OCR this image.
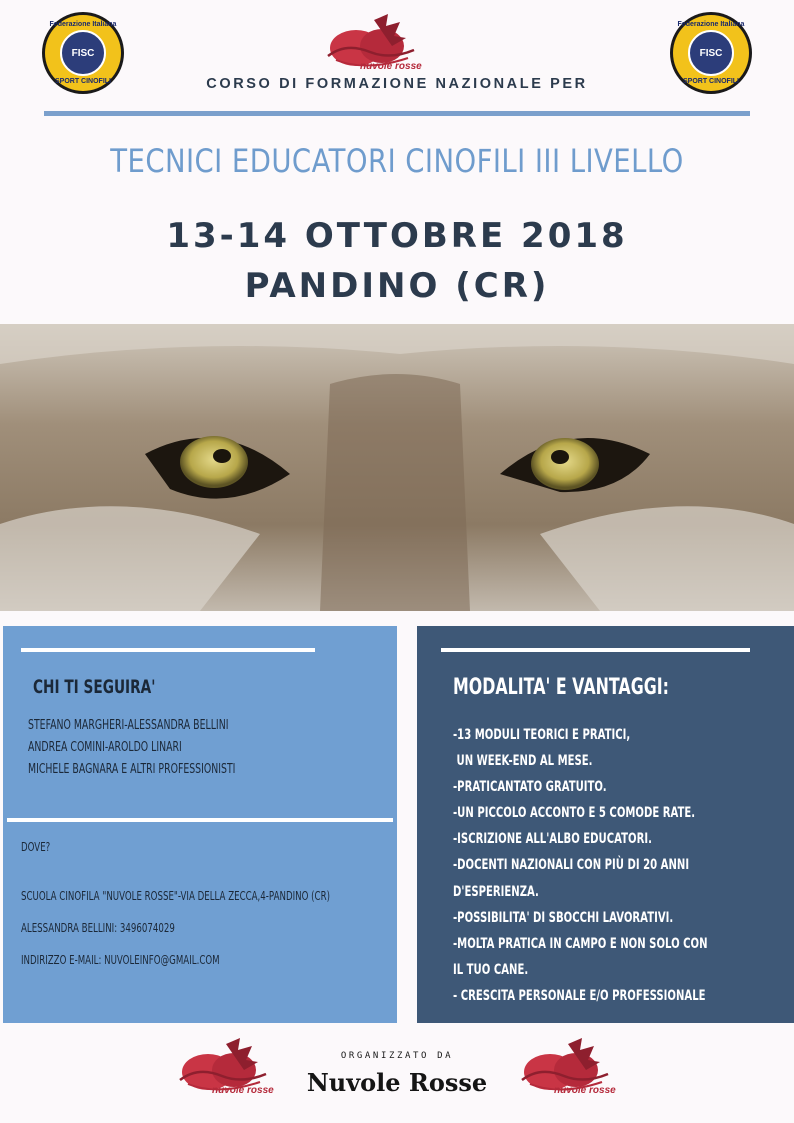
Federazione Italiana
FISC
SPORT CINOFILI
Federazione Italiana
FISC
SPORT CINOFILI
nuvole rosse
CORSO DI FORMAZIONE NAZIONALE PER
TECNICI EDUCATORI CINOFILI III LIVELLO
13-14 OTTOBRE 2018
PANDINO (CR)
CHI TI SEGUIRA'
STEFANO MARGHERI-ALESSANDRA BELLINI
ANDREA COMINI-AROLDO LINARI
MICHELE BAGNARA E ALTRI PROFESSIONISTI
DOVE?
SCUOLA CINOFILA "NUVOLE ROSSE"-VIA DELLA ZECCA,4-PANDINO (CR)
ALESSANDRA BELLINI: 3496074029
INDIRIZZO E-MAIL: NUVOLEINFO@GMAIL.COM
MODALITA' E VANTAGGI:
-13 MODULI TEORICI E PRATICI,
UN WEEK-END AL MESE.
-PRATICANTATO GRATUITO.
-UN PICCOLO ACCONTO E 5 COMODE RATE.
-ISCRIZIONE ALL'ALBO EDUCATORI.
-DOCENTI NAZIONALI CON PIÙ DI 20 ANNI
D'ESPERIENZA.
-POSSIBILITA' DI SBOCCHI LAVORATIVI.
-MOLTA PRATICA IN CAMPO E NON SOLO CON
IL TUO CANE.
- CRESCITA PERSONALE E/O PROFESSIONALE
nuvole rosse
ORGANIZZATO DA
Nuvole Rosse	nuvole rosse
